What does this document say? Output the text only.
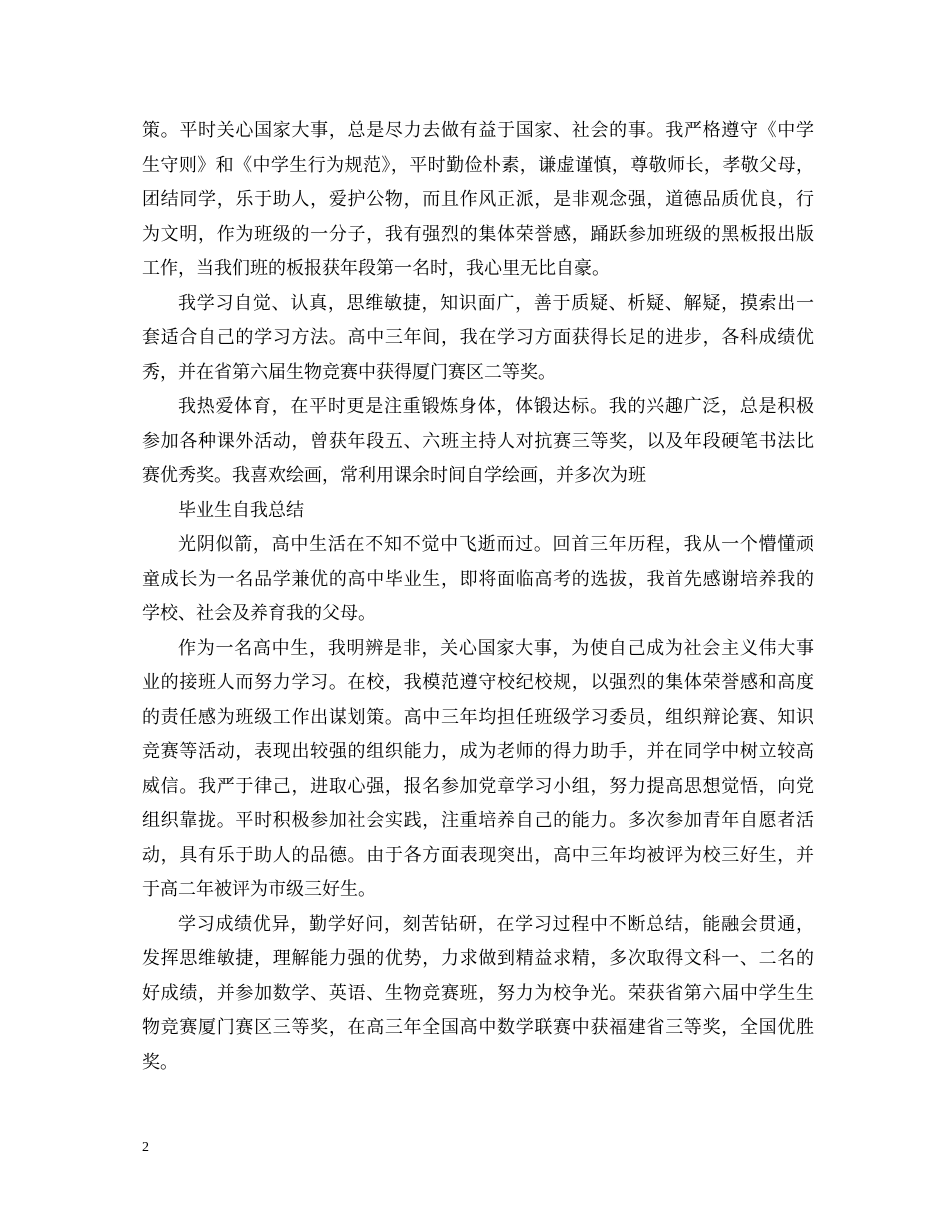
策。平时关心国家大事，总是尽力去做有益于国家、社会的事。我严格遵守《中学
生守则》和《中学生行为规范》，平时勤俭朴素，谦虚谨慎，尊敬师长，孝敬父母，
团结同学，乐于助人，爱护公物，而且作风正派，是非观念强，道德品质优良，行
为文明，作为班级的一分子，我有强烈的集体荣誉感，踊跃参加班级的黑板报出版
工作，当我们班的板报获年段第一名时，我心里无比自豪。
我学习自觉、认真，思维敏捷，知识面广，善于质疑、析疑、解疑，摸索出一
套适合自己的学习方法。高中三年间，我在学习方面获得长足的进步，各科成绩优
秀，并在省第六届生物竞赛中获得厦门赛区二等奖。
我热爱体育，在平时更是注重锻炼身体，体锻达标。我的兴趣广泛，总是积极
参加各种课外活动，曾获年段五、六班主持人对抗赛三等奖，以及年段硬笔书法比
赛优秀奖。我喜欢绘画，常利用课余时间自学绘画，并多次为班
毕业生自我总结
光阴似箭，高中生活在不知不觉中飞逝而过。回首三年历程，我从一个懵懂顽
童成长为一名品学兼优的高中毕业生，即将面临高考的选拔，我首先感谢培养我的
学校、社会及养育我的父母。
作为一名高中生，我明辨是非，关心国家大事，为使自己成为社会主义伟大事
业的接班人而努力学习。在校，我模范遵守校纪校规，以强烈的集体荣誉感和高度
的责任感为班级工作出谋划策。高中三年均担任班级学习委员，组织辩论赛、知识
竞赛等活动，表现出较强的组织能力，成为老师的得力助手，并在同学中树立较高
威信。我严于律己，进取心强，报名参加党章学习小组，努力提高思想觉悟，向党
组织靠拢。平时积极参加社会实践，注重培养自己的能力。多次参加青年自愿者活
动，具有乐于助人的品德。由于各方面表现突出，高中三年均被评为校三好生，并
于高二年被评为市级三好生。
学习成绩优异，勤学好问，刻苦钻研，在学习过程中不断总结，能融会贯通，
发挥思维敏捷，理解能力强的优势，力求做到精益求精，多次取得文科一、二名的
好成绩，并参加数学、英语、生物竞赛班，努力为校争光。荣获省第六届中学生生
物竞赛厦门赛区三等奖，在高三年全国高中数学联赛中获福建省三等奖，全国优胜
奖。
2
